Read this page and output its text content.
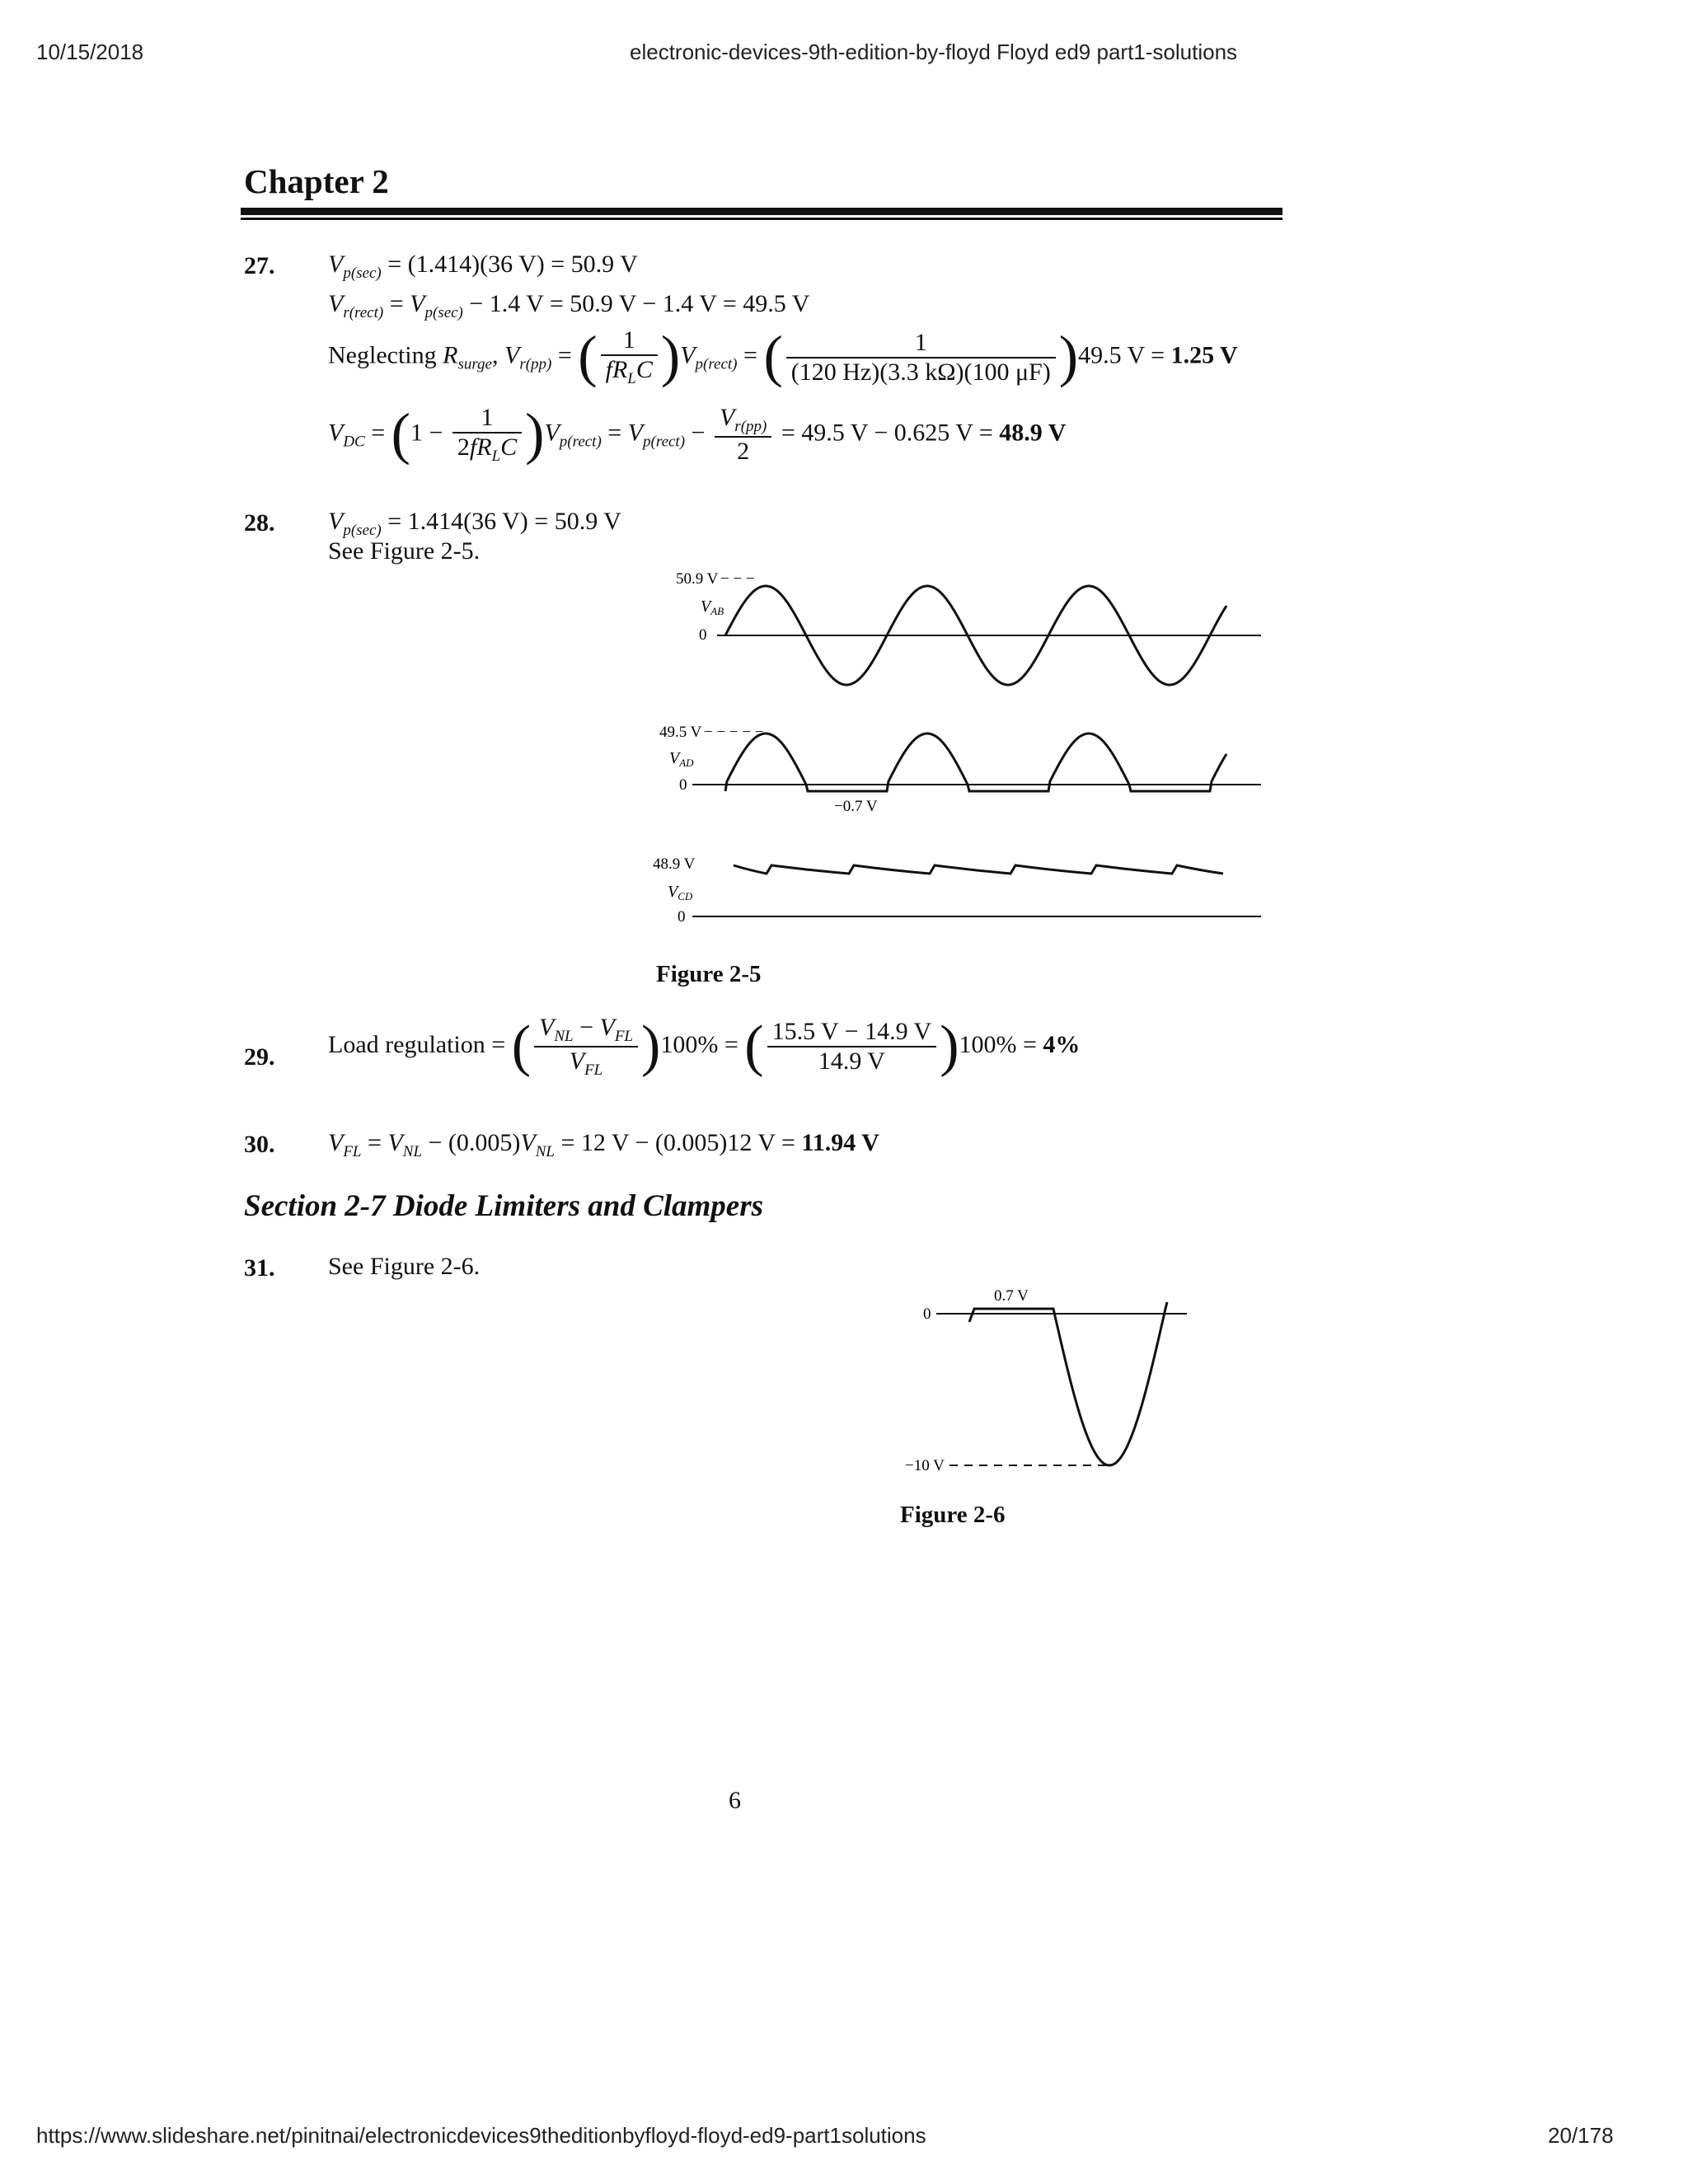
10/15/2018	electronic-devices-9th-edition-by-floyd Floyd ed9 part1-solutions
https://www.slideshare.net/pinitnai/electronicdevices9theditionbyfloyd-floyd-ed9-part1solutions	20/178
Chapter 2
27. $V_{p(sec)} = (1.414)(36$ V) = 50.9 V
$V_{r(rect)} = V_{p(sec)} - 1.4$ V = 50.9 V − 1.4 V = 49.5 V
Neglecting $R_{surge}$, $V_{r(pp)}$ = ( $\frac{1}{fR_LC} )V_{p(rect)}$ = ( $\frac{1}{(120 Hz)(3.3 k\Omega)(100 \mu F)} )49.5$ V = 1.25 V
$V_{DC} = (1 - \frac{1}{2fR_LC} )V_{p(rect)} = V_{p(rect)} - \frac{V_{r(pp)}}{2} = 49.5$ V − 0.625 V = 48.9 V
28. $V_{p(sec)} = 1.414(36$ V) = 50.9 V
See Figure 2-5.
50.9 V − − −
$V_{AB}$
0
49.5 V − − − − −
$V_{AD}$
0
−0.7 V
48.9 V
$V_{CD}$
0
Figure 2-5
29. Load regulation = ( $\frac{V_{NL} - V_{FL}}{V_{FL}} )100\%$ = ( $\frac{15.5 V - 14.9 V}{14.9 V} )100\% = 4\%$
30. $V_{FL} = V_{NL} - (0.005)V_{NL} = 12$ V − (0.005)12 V = 11.94 V
Section 2-7 Diode Limiters and Clampers
31. See Figure 2-6.
0.7 V
0
−10 V
Figure 2-6
6
